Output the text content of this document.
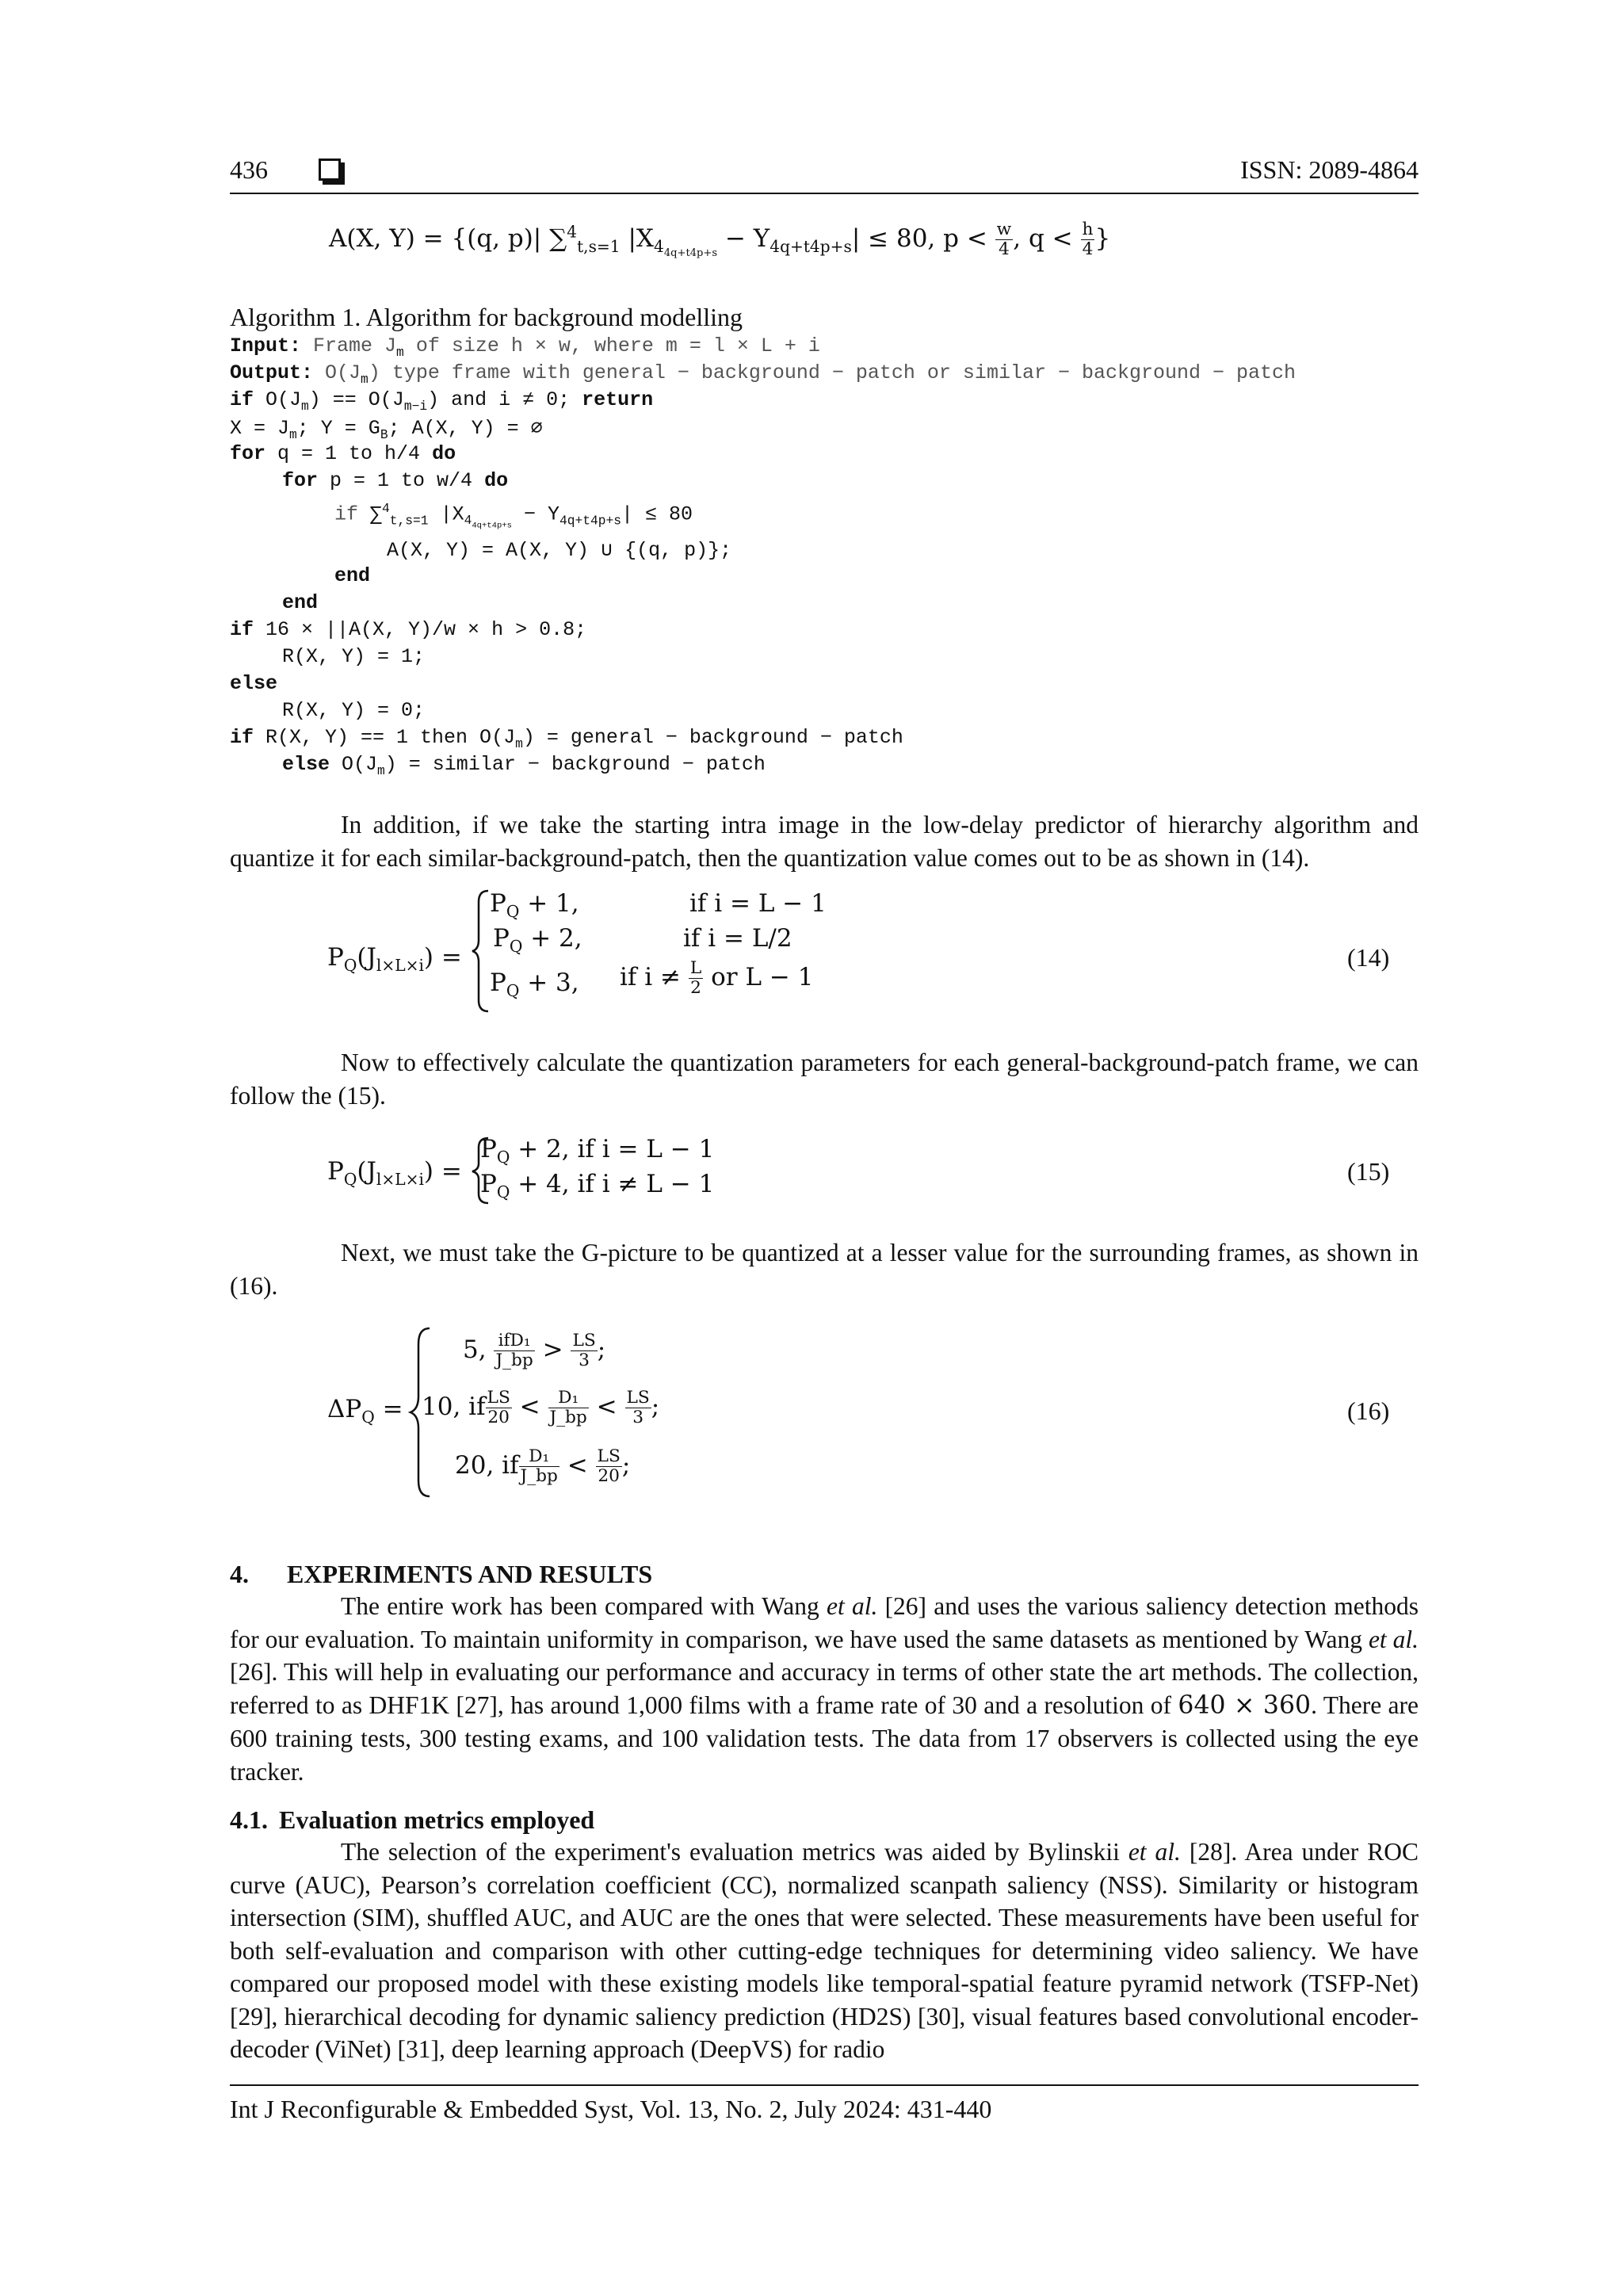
436	ISSN: 2089-4864
A(X, Y) = {(q, p)| ∑$^4_{t,s=1}$ $|X_{4_{4q+t4p+s}} - Y_{4q+t4p+s}| \le 80$, $p < \frac{w}{4}$ , $q < \frac{h}{4}$ }
Algorithm 1. Algorithm for background modelling
Input: Frame $J_m$ of size h × w, where m = l × L + i
Output: $O(J_m)$ type frame with general − background − patch or similar − background − patch
if $O(J_m) == O(J_{m-i})$ and i ≠ 0; return
$X = J_m$; $Y = G_B$; A(X, Y) = ∅
for q = 1 to h/4 do
for p = 1 to w/4 do
if ∑$^4_{t,s=1}$ $|X_{4_{4q+t4p+s}} - Y_{4q+t4p+s}| \le 80$
A(X, Y) = A(X, Y) ∪ {(q, p)};
end
end
if 16 × ||A(X, Y)/w × h > 0.8;
R(X, Y) = 1;
else
R(X, Y) = 0;
if R(X, Y) == 1 then $O(J_m)$ = general − background − patch
else $O(J_m)$ = similar − background − patch
In addition, if we take the starting intra image in the low-delay predictor of hierarchy algorithm and quantize it for each similar-background-patch, then the quantization value comes out to be as shown in (14).
$P_Q(J_{l\times L\times i})$ =
$P_Q + 1$,	if i = L − 1
$P_Q + 2$,	if i = L/2
$P_Q + 3$, if $i \ne \frac{L}{2}$ or L − 1
(14)
Now to effectively calculate the quantization parameters for each general-background-patch frame, we can follow the (15).
$P_Q(J_{l\times L\times i})$ =
$P_Q + 2$, if i = L − 1
$P_Q + 4$, if i ≠ L − 1	(15)
Next, we must take the G-picture to be quantized at a lesser value for the surrounding frames, as shown in (16).
$\Delta P_Q$ =
5, $\frac{\text{ifD₁}}{J\_bp} > \frac{LS}{3}$ ;
10, if $\frac{LS}{20} < \frac{\text{D₁}}{J\_bp} < \frac{LS}{3}$ ;
20, if $\frac{\text{D₁}}{J\_bp} < \frac{LS}{20}$ ;
(16)
4. EXPERIMENTS AND RESULTS
The entire work has been compared with Wang et al. [26] and uses the various saliency detection methods for our evaluation. To maintain uniformity in comparison, we have used the same datasets as mentioned by Wang et al. [26]. This will help in evaluating our performance and accuracy in terms of other state the art methods. The collection, referred to as DHF1K [27], has around 1,000 films with a frame rate of 30 and a resolution of 640 × 360. There are 600 training tests, 300 testing exams, and 100 validation tests. The data from 17 observers is collected using the eye tracker.
4.1. Evaluation metrics employed
The selection of the experiment's evaluation metrics was aided by Bylinskii et al. [28]. Area under ROC curve (AUC), Pearson’s correlation coefficient (CC), normalized scanpath saliency (NSS). Similarity or histogram intersection (SIM), shuffled AUC, and AUC are the ones that were selected. These measurements have been useful for both self-evaluation and comparison with other cutting-edge techniques for determining video saliency. We have compared our proposed model with these existing models like temporal-spatial feature pyramid network (TSFP-Net) [29], hierarchical decoding for dynamic saliency prediction (HD2S) [30], visual features based convolutional encoder-decoder (ViNet) [31], deep learning approach (DeepVS) for radio
Int J Reconfigurable & Embedded Syst, Vol. 13, No. 2, July 2024: 431-440
